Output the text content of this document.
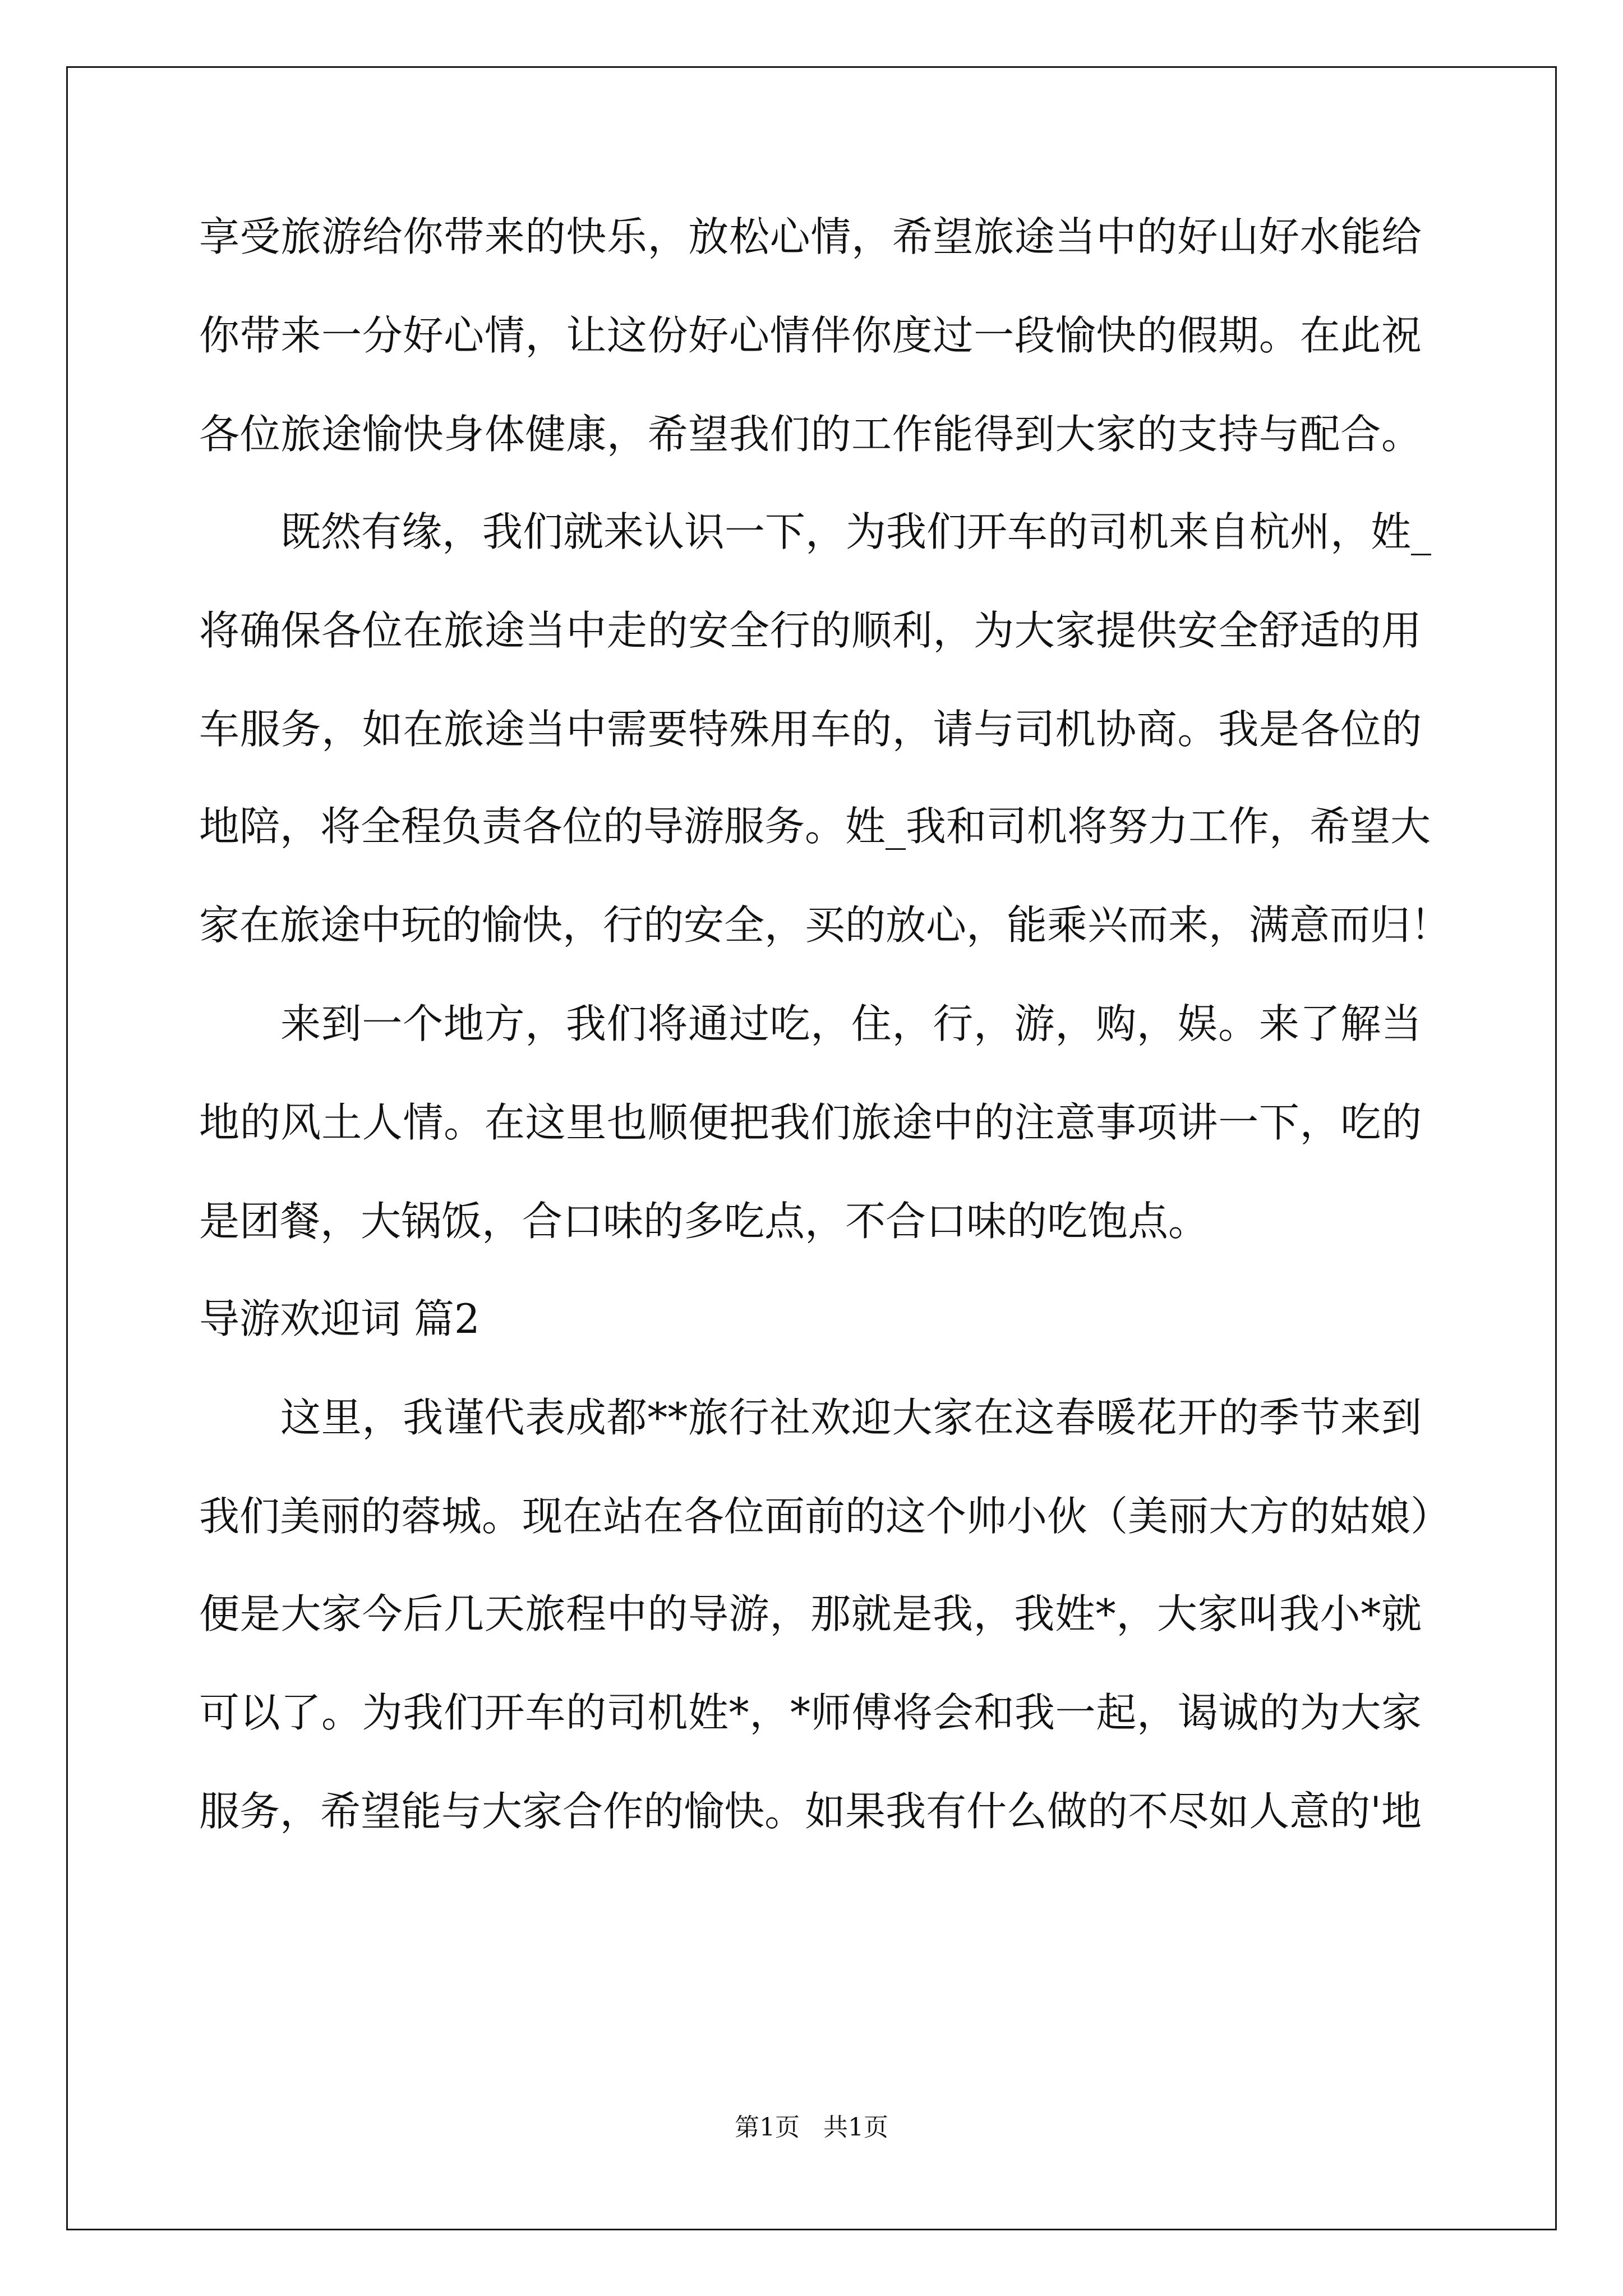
享受旅游给你带来的快乐，放松心情，希望旅途当中的好山好水能给
你带来一分好心情，让这份好心情伴你度过一段愉快的假期。在此祝
各位旅途愉快身体健康，希望我们的工作能得到大家的支持与配合。
既然有缘，我们就来认识一下，为我们开车的司机来自杭州，姓_
将确保各位在旅途当中走的安全行的顺利，为大家提供安全舒适的用
车服务，如在旅途当中需要特殊用车的，请与司机协商。我是各位的
地陪，将全程负责各位的导游服务。姓_我和司机将努力工作，希望大
家在旅途中玩的愉快，行的安全，买的放心，能乘兴而来，满意而归！
来到一个地方，我们将通过吃，住，行，游，购，娱。来了解当
地的风土人情。在这里也顺便把我们旅途中的注意事项讲一下，吃的
是团餐，大锅饭，合口味的多吃点，不合口味的吃饱点。
导游欢迎词 篇2
这里，我谨代表成都**旅行社欢迎大家在这春暖花开的季节来到
我们美丽的蓉城。现在站在各位面前的这个帅小伙（美丽大方的姑娘）
便是大家今后几天旅程中的导游，那就是我，我姓*，大家叫我小*就
可以了。为我们开车的司机姓*，*师傅将会和我一起，谒诚的为大家
服务，希望能与大家合作的愉快。如果我有什么做的不尽如人意的'地
第1页   共1页
